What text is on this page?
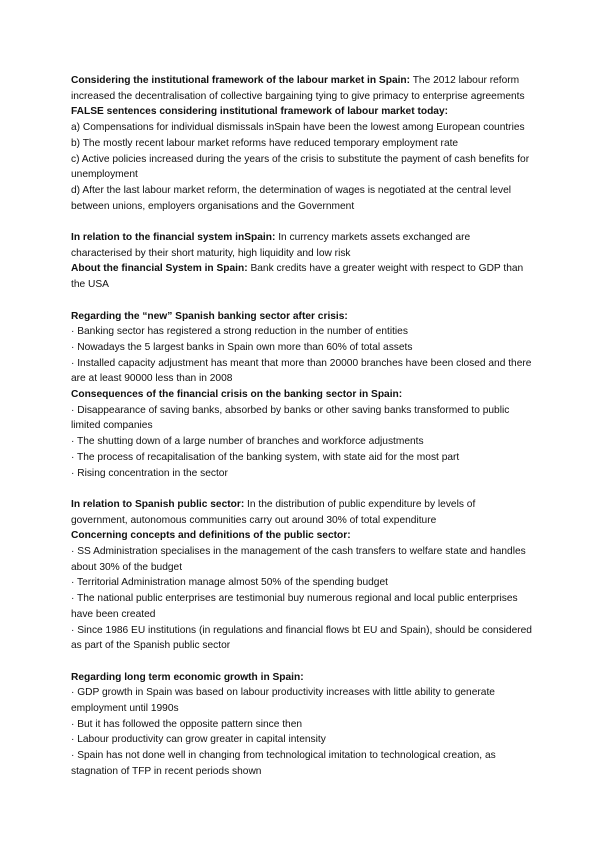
Considering the institutional framework of the labour market in Spain: The 2012 labour reform increased the decentralisation of collective bargaining tying to give primacy to enterprise agreements

FALSE sentences considering institutional framework of labour market today:

a) Compensations for individual dismissals inSpain have been the lowest among European countries

b) The mostly recent labour market reforms have reduced temporary employment rate

c) Active policies increased during the years of the crisis to substitute the payment of cash benefits for unemployment

d) After the last labour market reform, the determination of wages is negotiated at the central level between unions, employers organisations and the Government

In relation to the financial system inSpain: In currency markets assets exchanged are characterised by their short maturity, high liquidity and low risk

About the financial System in Spain: Bank credits have a greater weight with respect to GDP than the USA

Regarding the “new” Spanish banking sector after crisis:

· Banking sector has registered a strong reduction in the number of entities

· Nowadays the 5 largest banks in Spain own more than 60% of total assets

· Installed capacity adjustment has meant that more than 20000 branches have been closed and there are at least 90000 less than in 2008

Consequences of the financial crisis on the banking sector in Spain:

· Disappearance of saving banks, absorbed by banks or other saving banks transformed to public limited companies

· The shutting down of a large number of branches and workforce adjustments

· The process of recapitalisation of the banking system, with state aid for the most part

· Rising concentration in the sector

In relation to Spanish public sector: In the distribution of public expenditure by levels of government, autonomous communities carry out around 30% of total expenditure

Concerning concepts and definitions of the public sector:

· SS Administration specialises in the management of the cash transfers to welfare state and handles about 30% of the budget

· Territorial Administration manage almost 50% of the spending budget

· The national public enterprises are testimonial buy numerous regional and local public enterprises have been created

· Since 1986 EU institutions (in regulations and financial flows bt EU and Spain), should be considered as part of the Spanish public sector

Regarding long term economic growth in Spain:

· GDP growth in Spain was based on labour productivity increases with little ability to generate employment until 1990s

· But it has followed the opposite pattern since then

· Labour productivity can grow greater in capital intensity

· Spain has not done well in changing from technological imitation to technological creation, as stagnation of TFP in recent periods shown
